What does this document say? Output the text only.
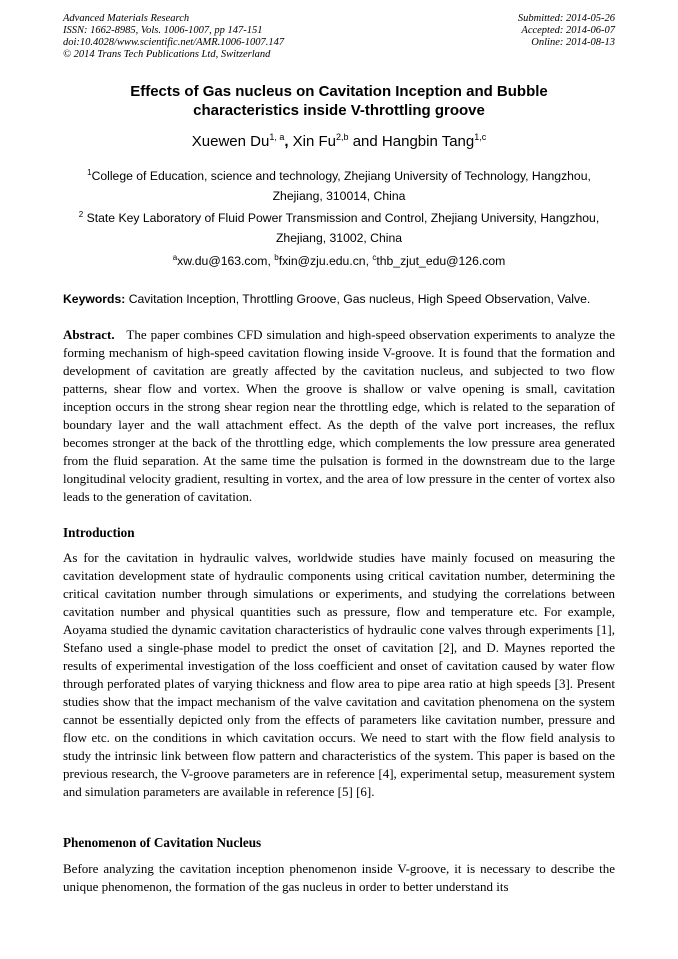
Advanced Materials Research
ISSN: 1662-8985, Vols. 1006-1007, pp 147-151
doi:10.4028/www.scientific.net/AMR.1006-1007.147
© 2014 Trans Tech Publications Ltd, Switzerland
Submitted: 2014-05-26
Accepted: 2014-06-07
Online: 2014-08-13
Effects of Gas nucleus on Cavitation Inception and Bubble
characteristics inside V-throttling groove
Xuewen Du$^{1, a}$, Xin Fu$^{2,b}$ and Hangbin Tang$^{1,c}$
$^1$College of Education, science and technology, Zhejiang University of Technology, Hangzhou,
Zhejiang, 310014, China
$^2$ State Key Laboratory of Fluid Power Transmission and Control, Zhejiang University, Hangzhou,
Zhejiang, 31002, China
$^a$xw.du@163.com, $^b$fxin@zju.edu.cn, $^c$thb_zjut_edu@126.com
Keywords: Cavitation Inception, Throttling Groove, Gas nucleus, High Speed Observation, Valve.
Abstract. The paper combines CFD simulation and high-speed observation experiments to analyze the forming mechanism of high-speed cavitation flowing inside V-groove. It is found that the formation and development of cavitation are greatly affected by the cavitation nucleus, and subjected to two flow patterns, shear flow and vortex. When the groove is shallow or valve opening is small, cavitation inception occurs in the strong shear region near the throttling edge, which is related to the separation of boundary layer and the wall attachment effect. As the depth of the valve port increases, the reflux becomes stronger at the back of the throttling edge, which complements the low pressure area generated from the fluid separation. At the same time the pulsation is formed in the downstream due to the large longitudinal velocity gradient, resulting in vortex, and the area of low pressure in the center of vortex also leads to the generation of cavitation.
Introduction
As for the cavitation in hydraulic valves, worldwide studies have mainly focused on measuring the cavitation development state of hydraulic components using critical cavitation number, determining the critical cavitation number through simulations or experiments, and studying the correlations between cavitation number and physical quantities such as pressure, flow and temperature etc. For example, Aoyama studied the dynamic cavitation characteristics of hydraulic cone valves through experiments [1], Stefano used a single-phase model to predict the onset of cavitation [2], and D. Maynes reported the results of experimental investigation of the loss coefficient and onset of cavitation caused by water flow through perforated plates of varying thickness and flow area to pipe area ratio at high speeds [3]. Present studies show that the impact mechanism of the valve cavitation and cavitation phenomena on the system cannot be essentially depicted only from the effects of parameters like cavitation number, pressure and flow etc. on the conditions in which cavitation occurs. We need to start with the flow field analysis to study the intrinsic link between flow pattern and characteristics of the system. This paper is based on the previous research, the V-groove parameters are in reference [4], experimental setup, measurement system and simulation parameters are available in reference [5] [6].
Phenomenon of Cavitation Nucleus
Before analyzing the cavitation inception phenomenon inside V-groove, it is necessary to describe the unique phenomenon, the formation of the gas nucleus in order to better understand its
